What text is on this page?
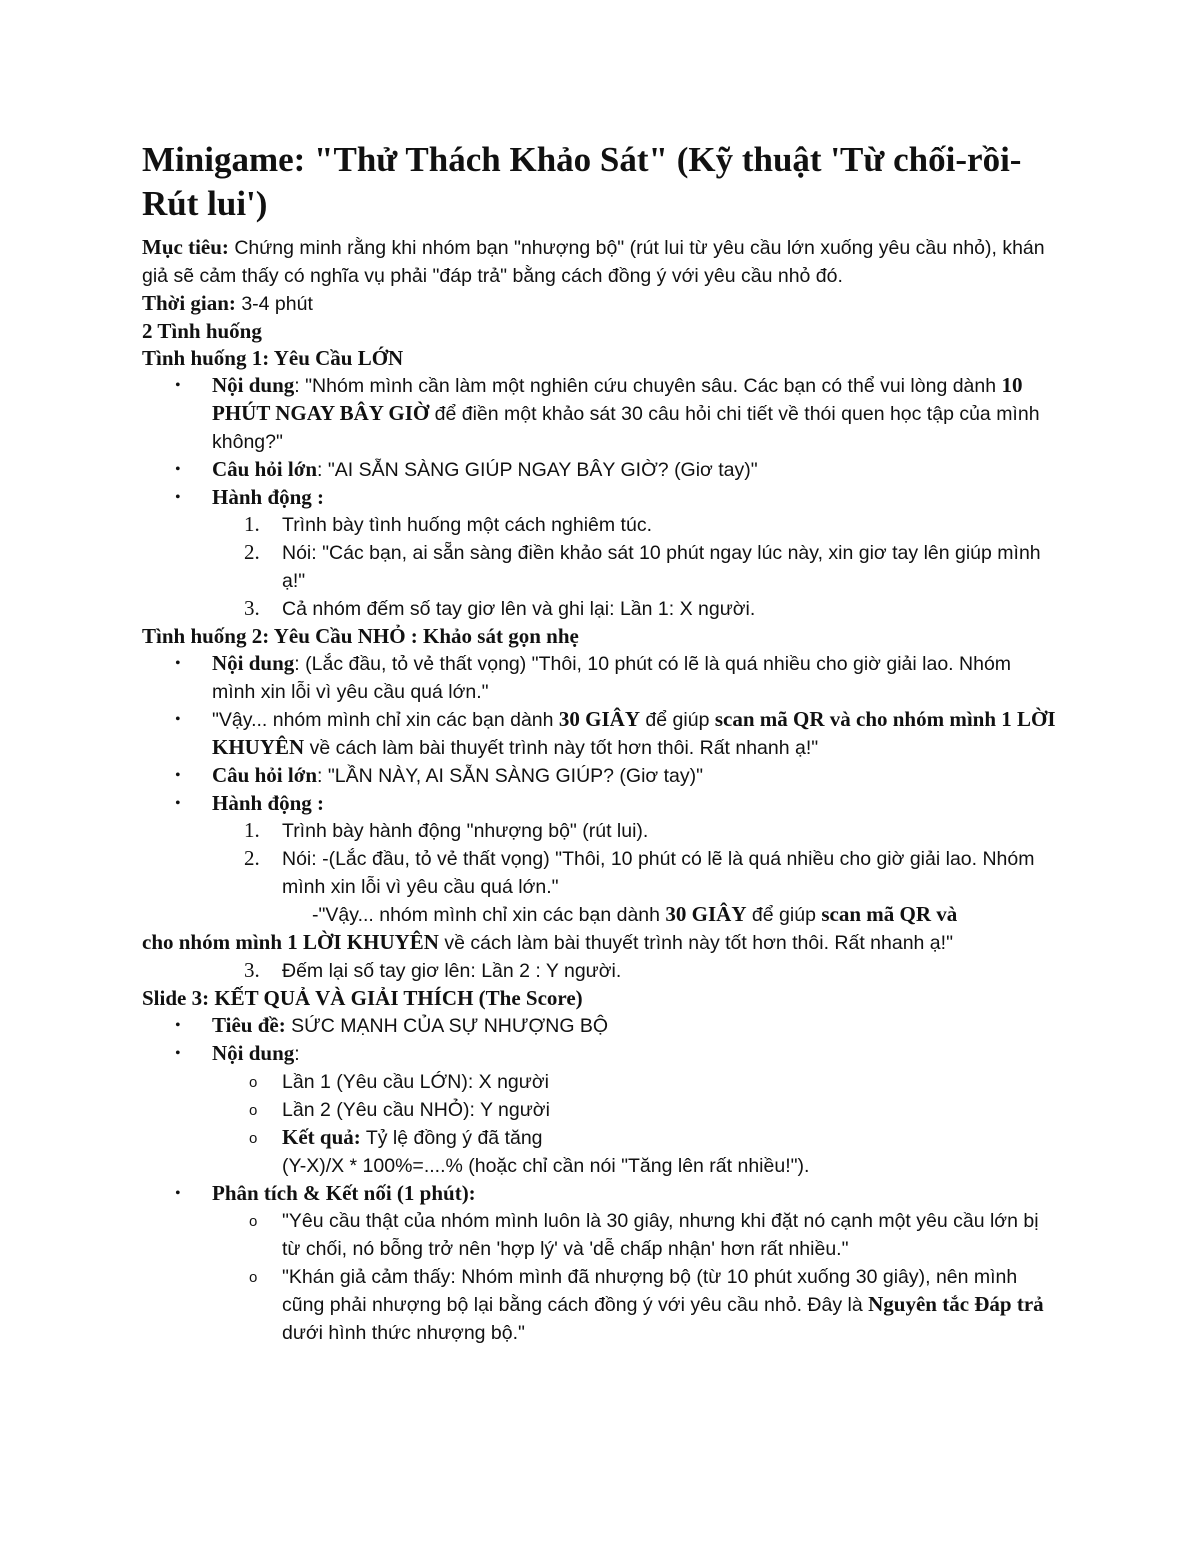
Minigame: "Thử Thách Khảo Sát" (Kỹ thuật 'Từ chối-rồi-Rút lui')

Mục tiêu: Chứng minh rằng khi nhóm bạn "nhượng bộ" (rút lui từ yêu cầu lớn xuống yêu cầu nhỏ), khán giả sẽ cảm thấy có nghĩa vụ phải "đáp trả" bằng cách đồng ý với yêu cầu nhỏ đó.

Thời gian: 3-4 phút

2 Tình huống

Tình huống 1: Yêu Cầu LỚN

•	Nội dung: "Nhóm mình cần làm một nghiên cứu chuyên sâu. Các bạn có thể vui lòng dành 10 PHÚT NGAY BÂY GIỜ để điền một khảo sát 30 câu hỏi chi tiết về thói quen học tập của mình không?"
•	Câu hỏi lớn: "AI SẴN SÀNG GIÚP NGAY BÂY GIỜ? (Giơ tay)"
•	Hành động :
1.	Trình bày tình huống một cách nghiêm túc.
2.	Nói: "Các bạn, ai sẵn sàng điền khảo sát 10 phút ngay lúc này, xin giơ tay lên giúp mình ạ!"
3.	Cả nhóm đếm số tay giơ lên và ghi lại: Lần 1: X người.

Tình huống 2: Yêu Cầu NHỎ : Khảo sát gọn nhẹ

•	Nội dung: (Lắc đầu, tỏ vẻ thất vọng) "Thôi, 10 phút có lẽ là quá nhiều cho giờ giải lao. Nhóm mình xin lỗi vì yêu cầu quá lớn."
•	"Vậy... nhóm mình chỉ xin các bạn dành 30 GIÂY để giúp scan mã QR và cho nhóm mình 1 LỜI KHUYÊN về cách làm bài thuyết trình này tốt hơn thôi. Rất nhanh ạ!"
•	Câu hỏi lớn: "LẦN NÀY, AI SẴN SÀNG GIÚP? (Giơ tay)"
•	Hành động :
1.	Trình bày hành động "nhượng bộ" (rút lui).
2.	Nói: -(Lắc đầu, tỏ vẻ thất vọng) "Thôi, 10 phút có lẽ là quá nhiều cho giờ giải lao. Nhóm mình xin lỗi vì yêu cầu quá lớn."

-"Vậy... nhóm mình chỉ xin các bạn dành 30 GIÂY để giúp scan mã QR và
cho nhóm mình 1 LỜI KHUYÊN về cách làm bài thuyết trình này tốt hơn thôi. Rất nhanh ạ!"

3.	Đếm lại số tay giơ lên: Lần 2 : Y người.

Slide 3: KẾT QUẢ VÀ GIẢI THÍCH (The Score)

•	Tiêu đề: SỨC MẠNH CỦA SỰ NHƯỢNG BỘ
•	Nội dung:
o Lần 1 (Yêu cầu LỚN): X người
o Lần 2 (Yêu cầu NHỎ): Y người
o Kết quả: Tỷ lệ đồng ý đã tăng
(Y-X)/X * 100%=....% (hoặc chỉ cần nói "Tăng lên rất nhiều!").
•	Phân tích & Kết nối (1 phút):
o "Yêu cầu thật của nhóm mình luôn là 30 giây, nhưng khi đặt nó cạnh một yêu cầu lớn bị từ chối, nó bỗng trở nên 'hợp lý' và 'dễ chấp nhận' hơn rất nhiều."
o "Khán giả cảm thấy: Nhóm mình đã nhượng bộ (từ 10 phút xuống 30 giây), nên mình cũng phải nhượng bộ lại bằng cách đồng ý với yêu cầu nhỏ. Đây là Nguyên tắc Đáp trả dưới hình thức nhượng bộ."
